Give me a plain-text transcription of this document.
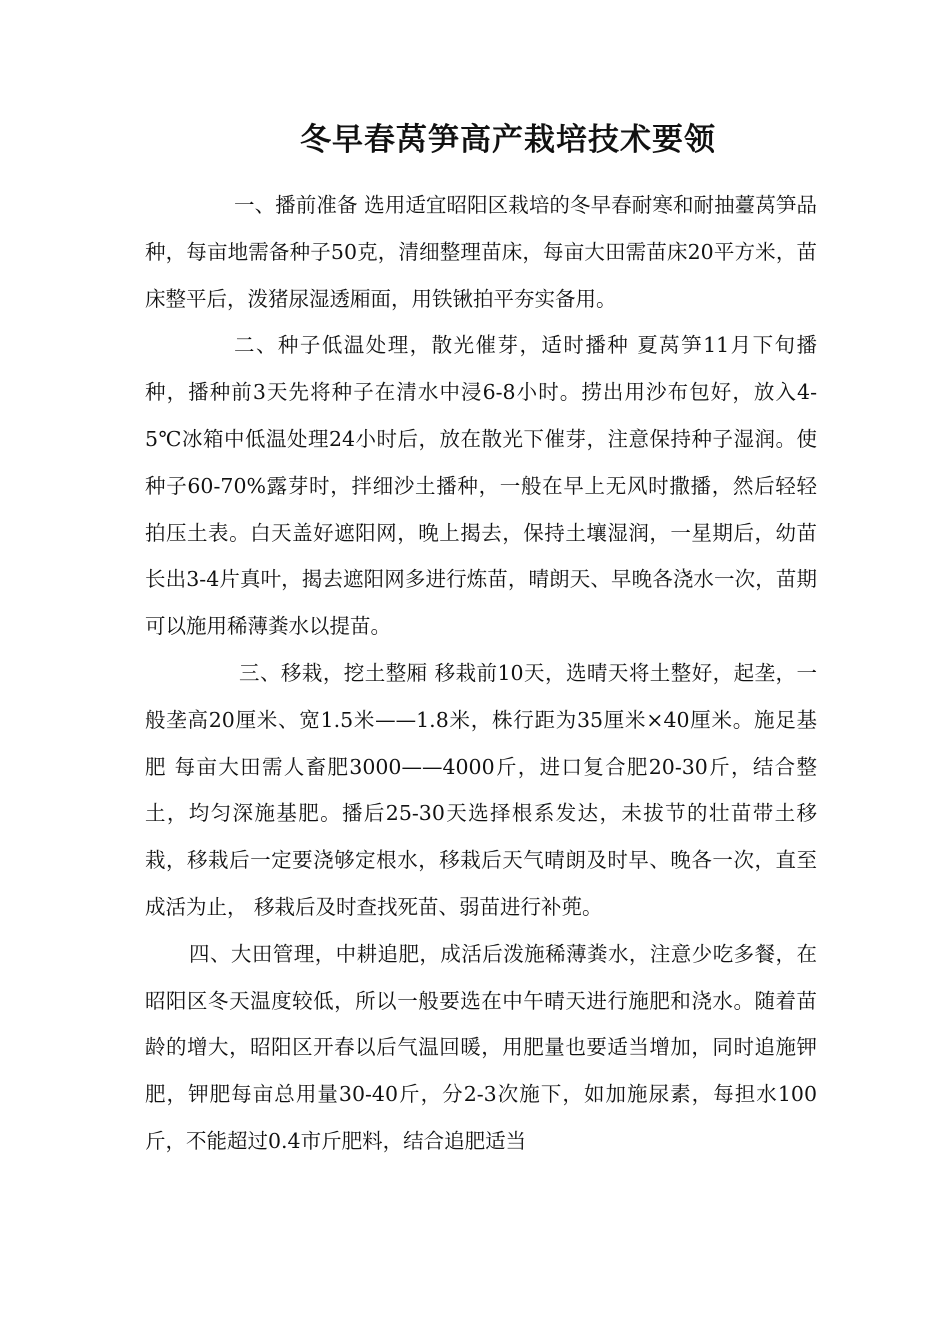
冬早春莴笋高产栽培技术要领

一、播前准备 选用适宜昭阳区栽培的冬早春耐寒和耐抽薹莴笋品种，每亩地需备种子50克，清细整理苗床，每亩大田需苗床20平方米，苗床整平后，泼猪尿湿透厢面，用铁锹拍平夯实备用。

二、种子低温处理，散光催芽，适时播种 夏莴笋11月下旬播种，播种前3天先将种子在清水中浸6-8小时。捞出用沙布包好，放入4-5℃冰箱中低温处理24小时后，放在散光下催芽，注意保持种子湿润。使种子60-70%露芽时，拌细沙土播种，一般在早上无风时撒播，然后轻轻拍压土表。白天盖好遮阳网，晚上揭去，保持土壤湿润，一星期后，幼苗长出3-4片真叶，揭去遮阳网多进行炼苗，晴朗天、早晚各浇水一次，苗期可以施用稀薄粪水以提苗。

三、移栽，挖土整厢 移栽前10天，选晴天将土整好，起垄，一般垄高20厘米、宽1.5米——1.8米，株行距为35厘米×40厘米。施足基肥 每亩大田需人畜肥3000——4000斤，进口复合肥20-30斤，结合整土，均匀深施基肥。播后25-30天选择根系发达，未拔节的壮苗带土移栽，移栽后一定要浇够定根水，移栽后天气晴朗及时早、晚各一次，直至成活为止， 移栽后及时查找死苗、弱苗进行补蔸。

四、大田管理，中耕追肥，成活后泼施稀薄粪水，注意少吃多餐，在昭阳区冬天温度较低，所以一般要选在中午晴天进行施肥和浇水。随着苗龄的增大，昭阳区开春以后气温回暖，用肥量也要适当增加，同时追施钾肥，钾肥每亩总用量30-40斤，分2-3次施下，如加施尿素，每担水100斤，不能超过0.4市斤肥料，结合追肥适当
